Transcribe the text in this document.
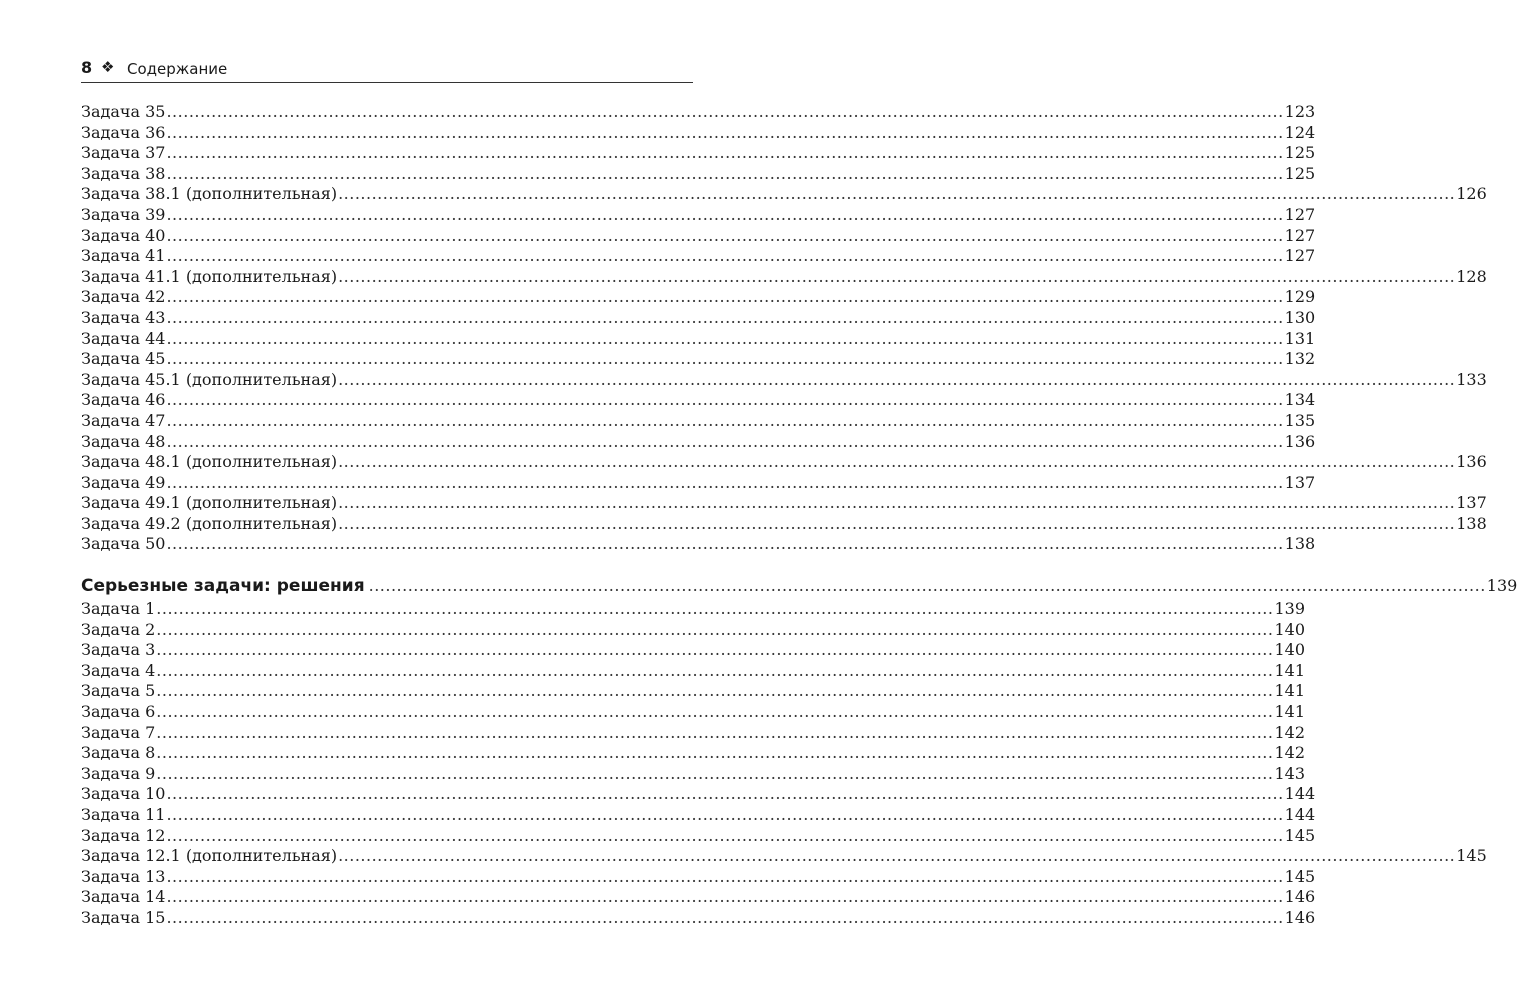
8 ❖ Содержание
Задача 35 ........................................................................................................................................................................................................ 123
Задача 36 ........................................................................................................................................................................................................ 124
Задача 37 ........................................................................................................................................................................................................ 125
Задача 38 ........................................................................................................................................................................................................ 125
Задача 38.1 (дополнительная) ........................................................................................................................................................................................................ 126
Задача 39 ........................................................................................................................................................................................................ 127
Задача 40 ........................................................................................................................................................................................................ 127
Задача 41 ........................................................................................................................................................................................................ 127
Задача 41.1 (дополнительная) ........................................................................................................................................................................................................ 128
Задача 42 ........................................................................................................................................................................................................ 129
Задача 43 ........................................................................................................................................................................................................ 130
Задача 44 ........................................................................................................................................................................................................ 131
Задача 45 ........................................................................................................................................................................................................ 132
Задача 45.1 (дополнительная) ........................................................................................................................................................................................................ 133
Задача 46 ........................................................................................................................................................................................................ 134
Задача 47 ........................................................................................................................................................................................................ 135
Задача 48 ........................................................................................................................................................................................................ 136
Задача 48.1 (дополнительная) ........................................................................................................................................................................................................ 136
Задача 49 ........................................................................................................................................................................................................ 137
Задача 49.1 (дополнительная) ........................................................................................................................................................................................................ 137
Задача 49.2 (дополнительная) ........................................................................................................................................................................................................ 138
Задача 50 ........................................................................................................................................................................................................ 138
Серьезные задачи: решения ........................................................................................................................................................................................................ 139
Задача 1 ........................................................................................................................................................................................................ 139
Задача 2 ........................................................................................................................................................................................................ 140
Задача 3 ........................................................................................................................................................................................................ 140
Задача 4 ........................................................................................................................................................................................................ 141
Задача 5 ........................................................................................................................................................................................................ 141
Задача 6 ........................................................................................................................................................................................................ 141
Задача 7 ........................................................................................................................................................................................................ 142
Задача 8 ........................................................................................................................................................................................................ 142
Задача 9 ........................................................................................................................................................................................................ 143
Задача 10 ........................................................................................................................................................................................................ 144
Задача 11 ........................................................................................................................................................................................................ 144
Задача 12 ........................................................................................................................................................................................................ 145
Задача 12.1 (дополнительная) ........................................................................................................................................................................................................ 145
Задача 13 ........................................................................................................................................................................................................ 145
Задача 14 ........................................................................................................................................................................................................ 146
Задача 15 ........................................................................................................................................................................................................ 146
